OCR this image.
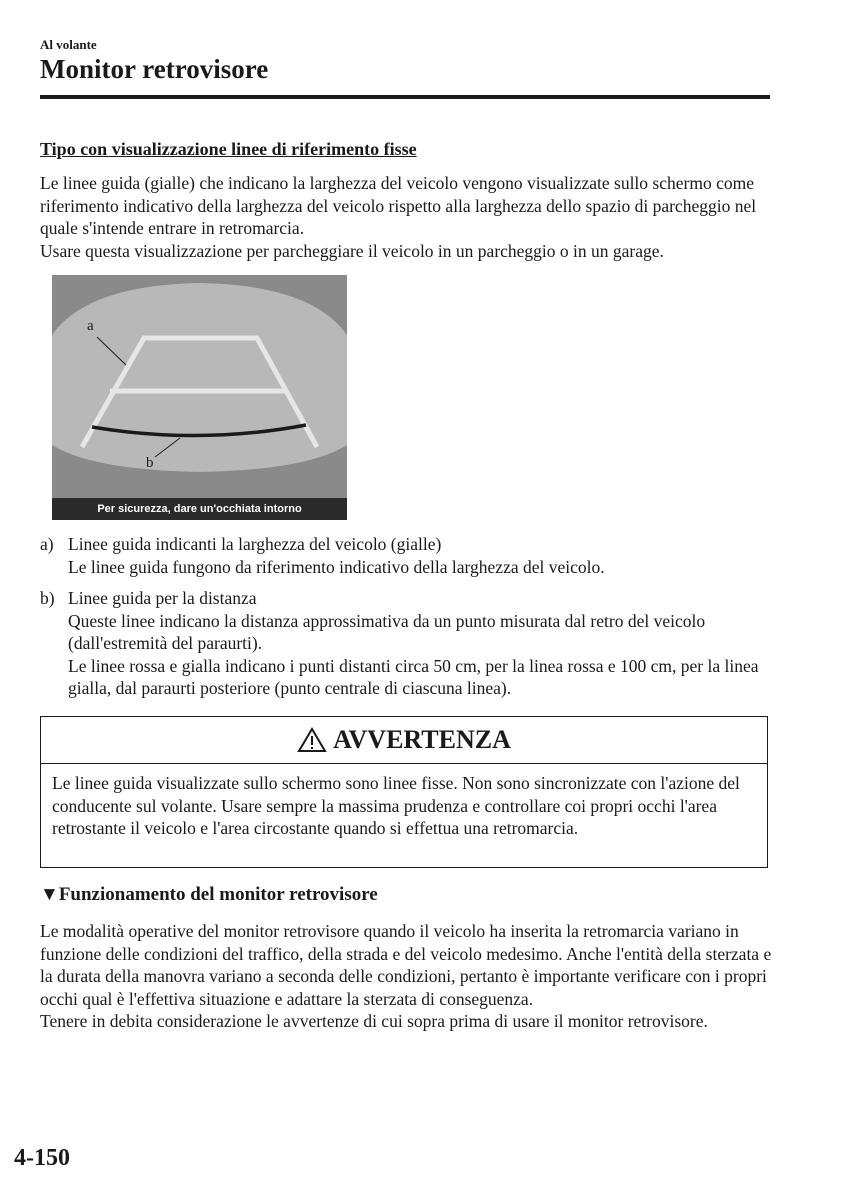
Al volante
Monitor retrovisore
Tipo con visualizzazione linee di riferimento fisse

Le linee guida (gialle) che indicano la larghezza del veicolo vengono visualizzate sullo schermo come riferimento indicativo della larghezza del veicolo rispetto alla larghezza dello spazio di parcheggio nel quale s'intende entrare in retromarcia.
Usare questa visualizzazione per parcheggiare il veicolo in un parcheggio o in un garage.

a
b
Per sicurezza, dare un'occhiata intorno
a) Linee guida indicanti la larghezza del veicolo (gialle)
Le linee guida fungono da riferimento indicativo della larghezza del veicolo.
b) Linee guida per la distanza
Queste linee indicano la distanza approssimativa da un punto misurata dal retro del veicolo (dall'estremità del paraurti).
Le linee rossa e gialla indicano i punti distanti circa 50 cm, per la linea rossa e 100 cm, per la linea gialla, dal paraurti posteriore (punto centrale di ciascuna linea).
AVVERTENZA
Le linee guida visualizzate sullo schermo sono linee fisse. Non sono sincronizzate con l'azione del conducente sul volante. Usare sempre la massima prudenza e controllare coi propri occhi l'area retrostante il veicolo e l'area circostante quando si effettua una retromarcia.
▼Funzionamento del monitor retrovisore

Le modalità operative del monitor retrovisore quando il veicolo ha inserita la retromarcia variano in funzione delle condizioni del traffico, della strada e del veicolo medesimo. Anche l'entità della sterzata e la durata della manovra variano a seconda delle condizioni, pertanto è importante verificare con i propri occhi qual è l'effettiva situazione e adattare la sterzata di conseguenza.
Tenere in debita considerazione le avvertenze di cui sopra prima di usare il monitor retrovisore.

4-150
